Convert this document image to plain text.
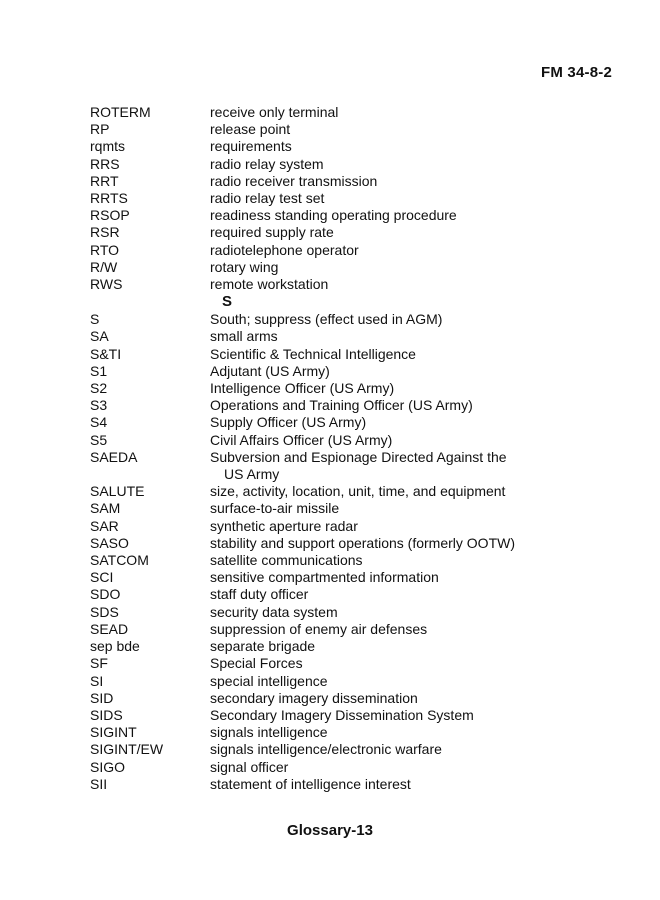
FM 34-8-2
ROTERM	receive only terminal
RP	release point
rqmts	requirements
RRS	radio relay system
RRT	radio receiver transmission
RRTS	radio relay test set
RSOP	readiness standing operating procedure
RSR	required supply rate
RTO	radiotelephone operator
R/W	rotary wing
RWS	remote workstation
S
S	South; suppress (effect used in AGM)
SA	small arms
S&TI	Scientific & Technical Intelligence
S1	Adjutant (US Army)
S2	Intelligence Officer (US Army)
S3	Operations and Training Officer (US Army)
S4	Supply Officer (US Army)
S5	Civil Affairs Officer (US Army)
SAEDA	Subversion and Espionage Directed Against the
US Army
SALUTE	size, activity, location, unit, time, and equipment
SAM	surface-to-air missile
SAR	synthetic aperture radar
SASO	stability and support operations (formerly OOTW)
SATCOM	satellite communications
SCI	sensitive compartmented information
SDO	staff duty officer
SDS	security data system
SEAD	suppression of enemy air defenses
sep bde	separate brigade
SF	Special Forces
SI	special intelligence
SID	secondary imagery dissemination
SIDS	Secondary Imagery Dissemination System
SIGINT	signals intelligence
SIGINT/EW	signals intelligence/electronic warfare
SIGO	signal officer
SII	statement of intelligence interest
Glossary-13
